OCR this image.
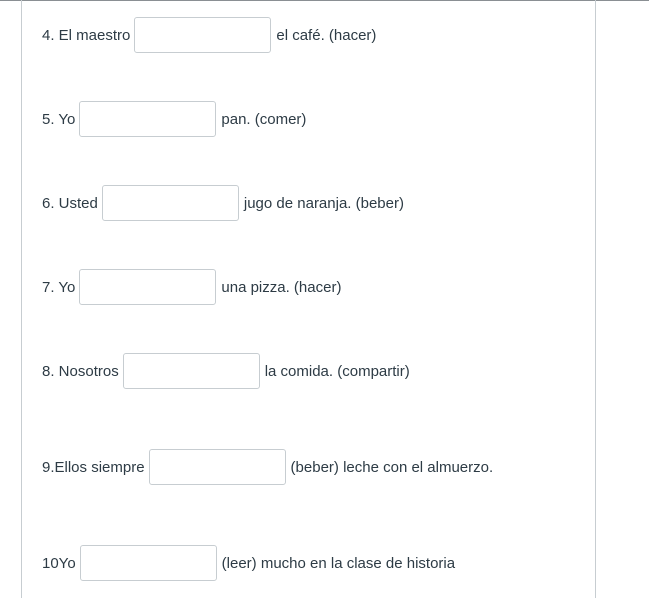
4. El maestro	el café. (hacer)
5. Yo	pan. (comer)
6. Usted	jugo de naranja. (beber)
7. Yo	una pizza. (hacer)
8. Nosotros	la comida. (compartir)
9.Ellos siempre	(beber) leche con el almuerzo.
10Yo	(leer) mucho en la clase de historia
